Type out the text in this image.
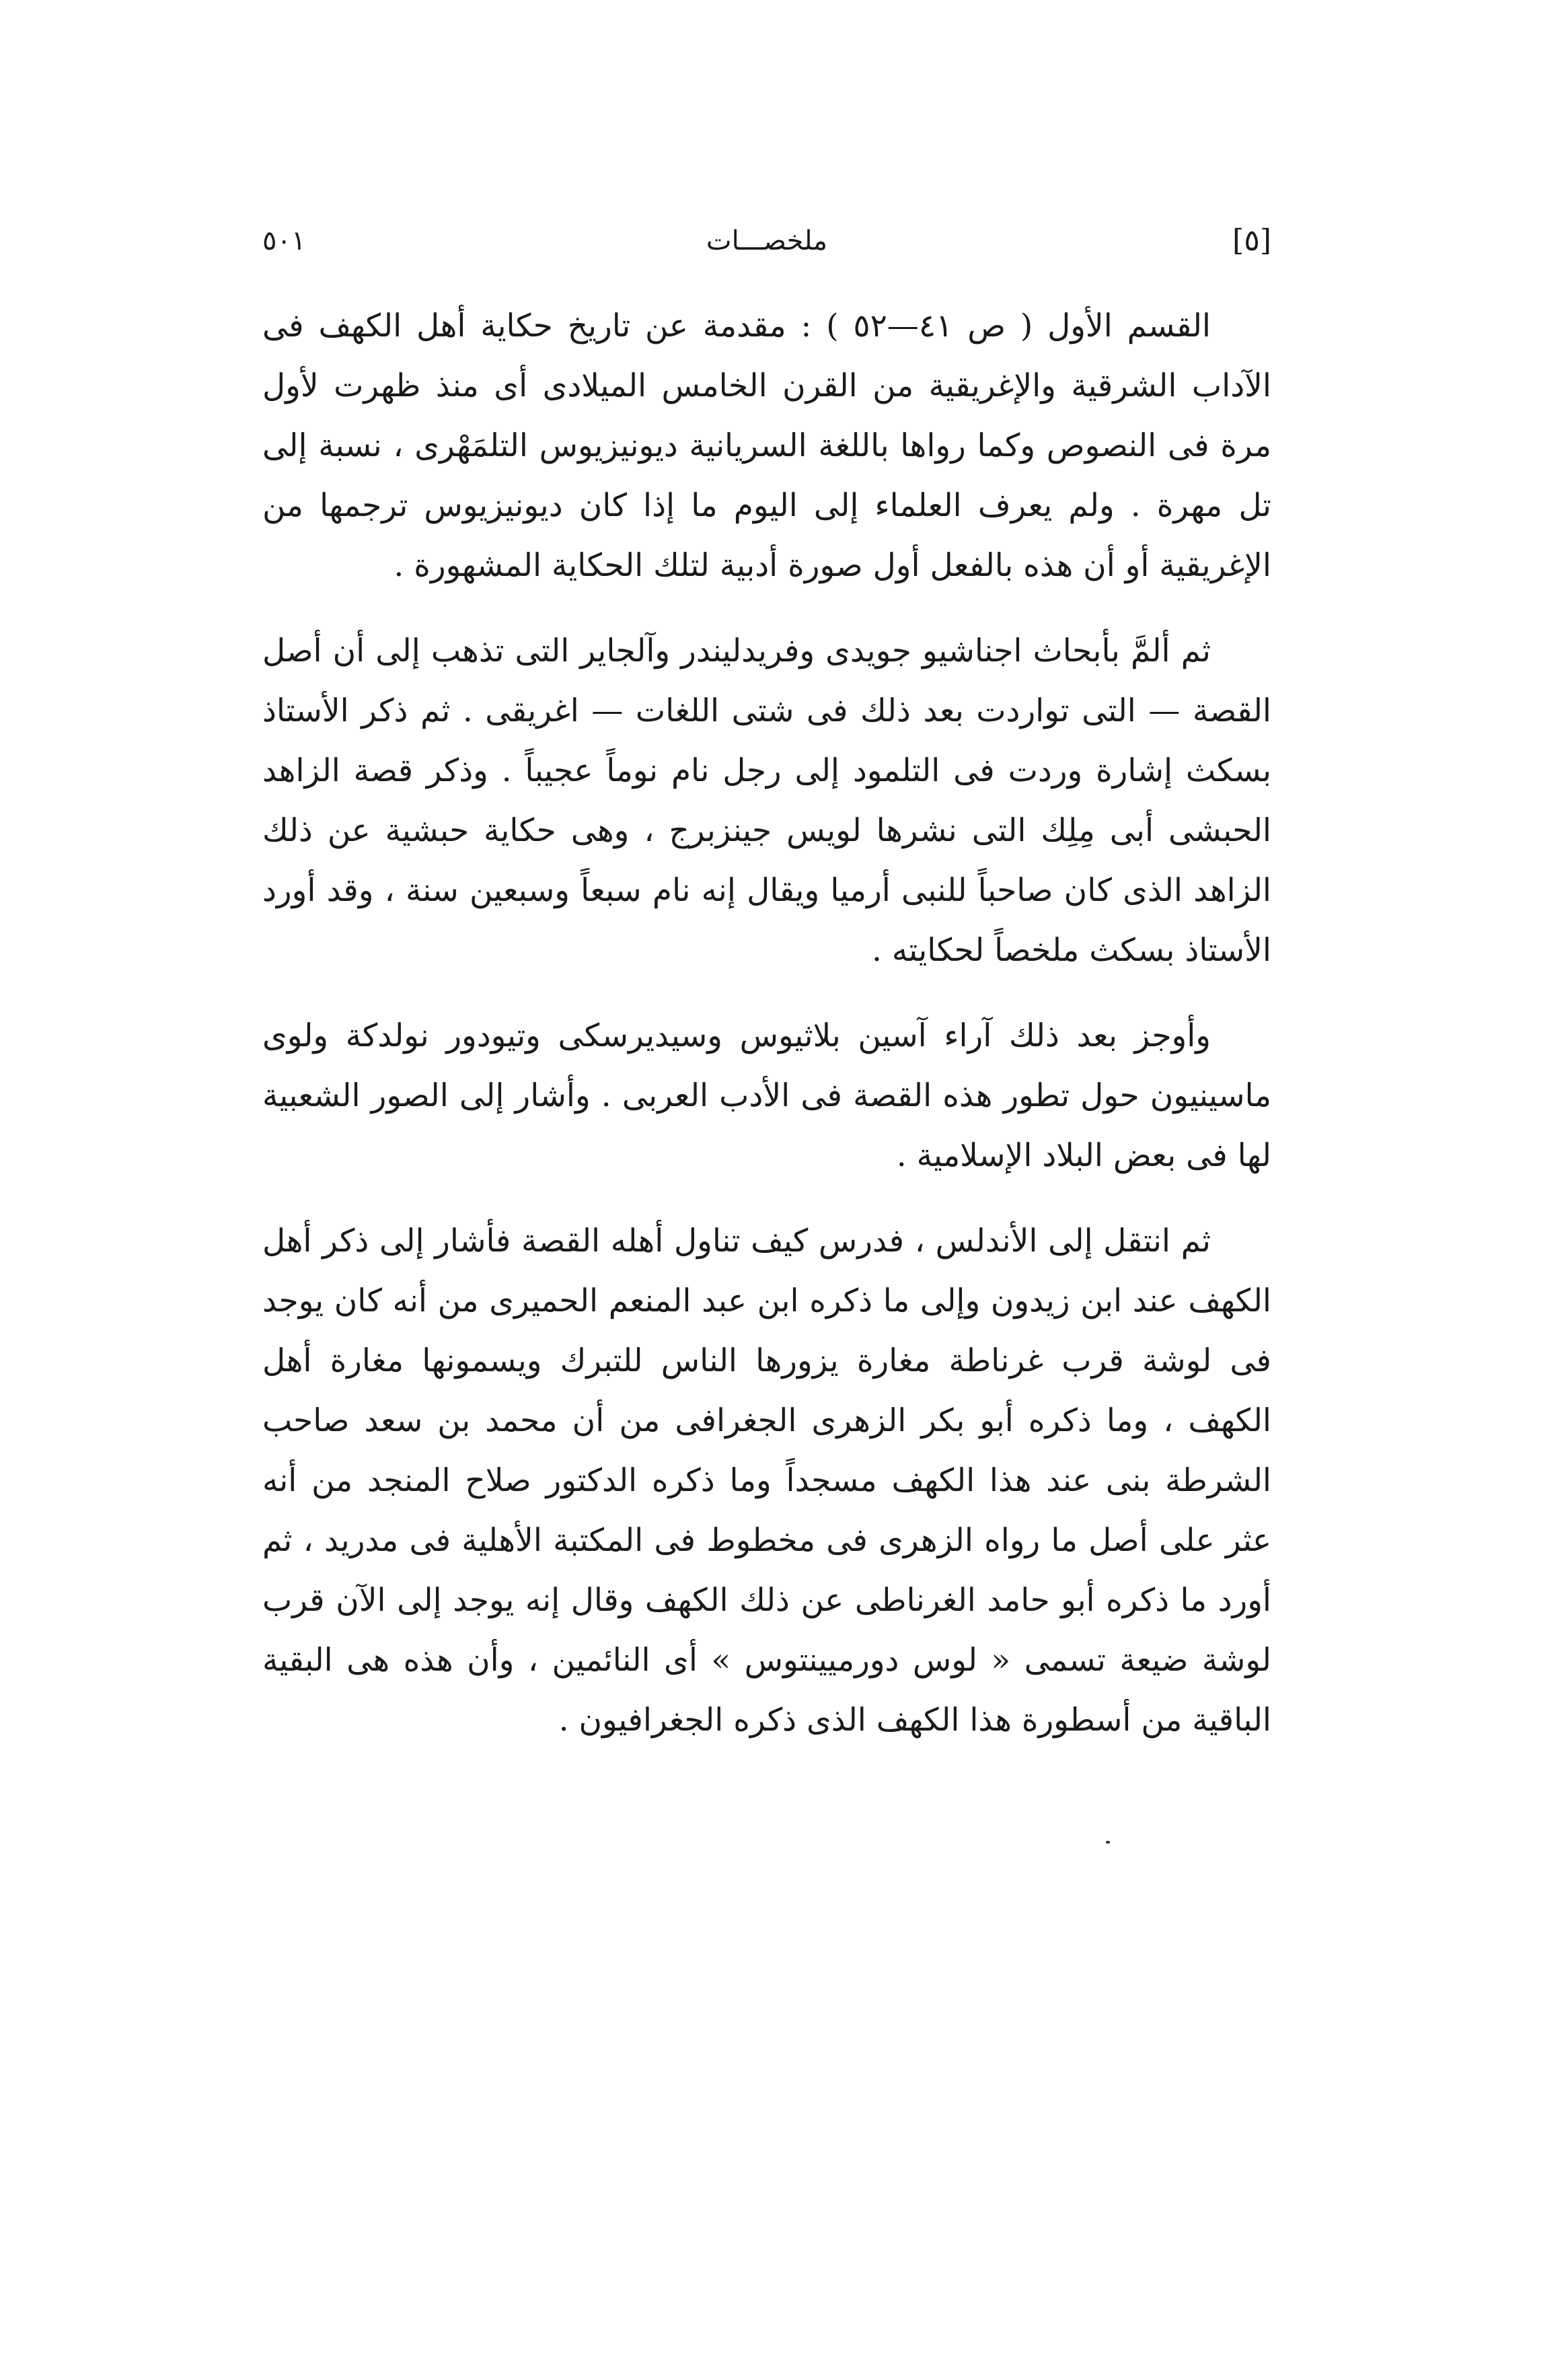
٥٠١	ملخصـــات	[٥]

القسم الأول ( ص ٤١—٥٢ ) : مقدمة عن تاريخ حكاية أهل الكهف فى الآداب الشرقية والإغريقية من القرن الخامس الميلادى أى منذ ظهرت لأول مرة فى النصوص وكما رواها باللغة السريانية ديونيزيوس التلمَهْرى ، نسبة إلى تل مهرة . ولم يعرف العلماء إلى اليوم ما إذا كان ديونيزيوس ترجمها من الإغريقية أو أن هذه بالفعل أول صورة أدبية لتلك الحكاية المشهورة .

ثم ألمَّ بأبحاث اجناشيو جويدى وفريدليندر وآلجاير التى تذهب إلى أن أصل القصة — التى تواردت بعد ذلك فى شتى اللغات — اغريقى . ثم ذكر الأستاذ بسكث إشارة وردت فى التلمود إلى رجل نام نوماً عجيباً . وذكر قصة الزاهد الحبشى أبى مِلِك التى نشرها لويس جينزبرج ، وهى حكاية حبشية عن ذلك الزاهد الذى كان صاحباً للنبى أرميا ويقال إنه نام سبعاً وسبعين سنة ، وقد أورد الأستاذ بسكث ملخصاً لحكايته .

وأوجز بعد ذلك آراء آسين بلاثيوس وسيديرسكى وتيودور نولدكة ولوى ماسينيون حول تطور هذه القصة فى الأدب العربى . وأشار إلى الصور الشعبية لها فى بعض البلاد الإسلامية .

ثم انتقل إلى الأندلس ، فدرس كيف تناول أهله القصة فأشار إلى ذكر أهل الكهف عند ابن زيدون وإلى ما ذكره ابن عبد المنعم الحميرى من أنه كان يوجد فى لوشة قرب غرناطة مغارة يزورها الناس للتبرك ويسمونها مغارة أهل الكهف ، وما ذكره أبو بكر الزهرى الجغرافى من أن محمد بن سعد صاحب الشرطة بنى عند هذا الكهف مسجداً وما ذكره الدكتور صلاح المنجد من أنه عثر على أصل ما رواه الزهرى فى مخطوط فى المكتبة الأهلية فى مدريد ، ثم أورد ما ذكره أبو حامد الغرناطى عن ذلك الكهف وقال إنه يوجد إلى الآن قرب لوشة ضيعة تسمى « لوس دورميينتوس » أى النائمين ، وأن هذه هى البقية الباقية من أسطورة هذا الكهف الذى ذكره الجغرافيون .
